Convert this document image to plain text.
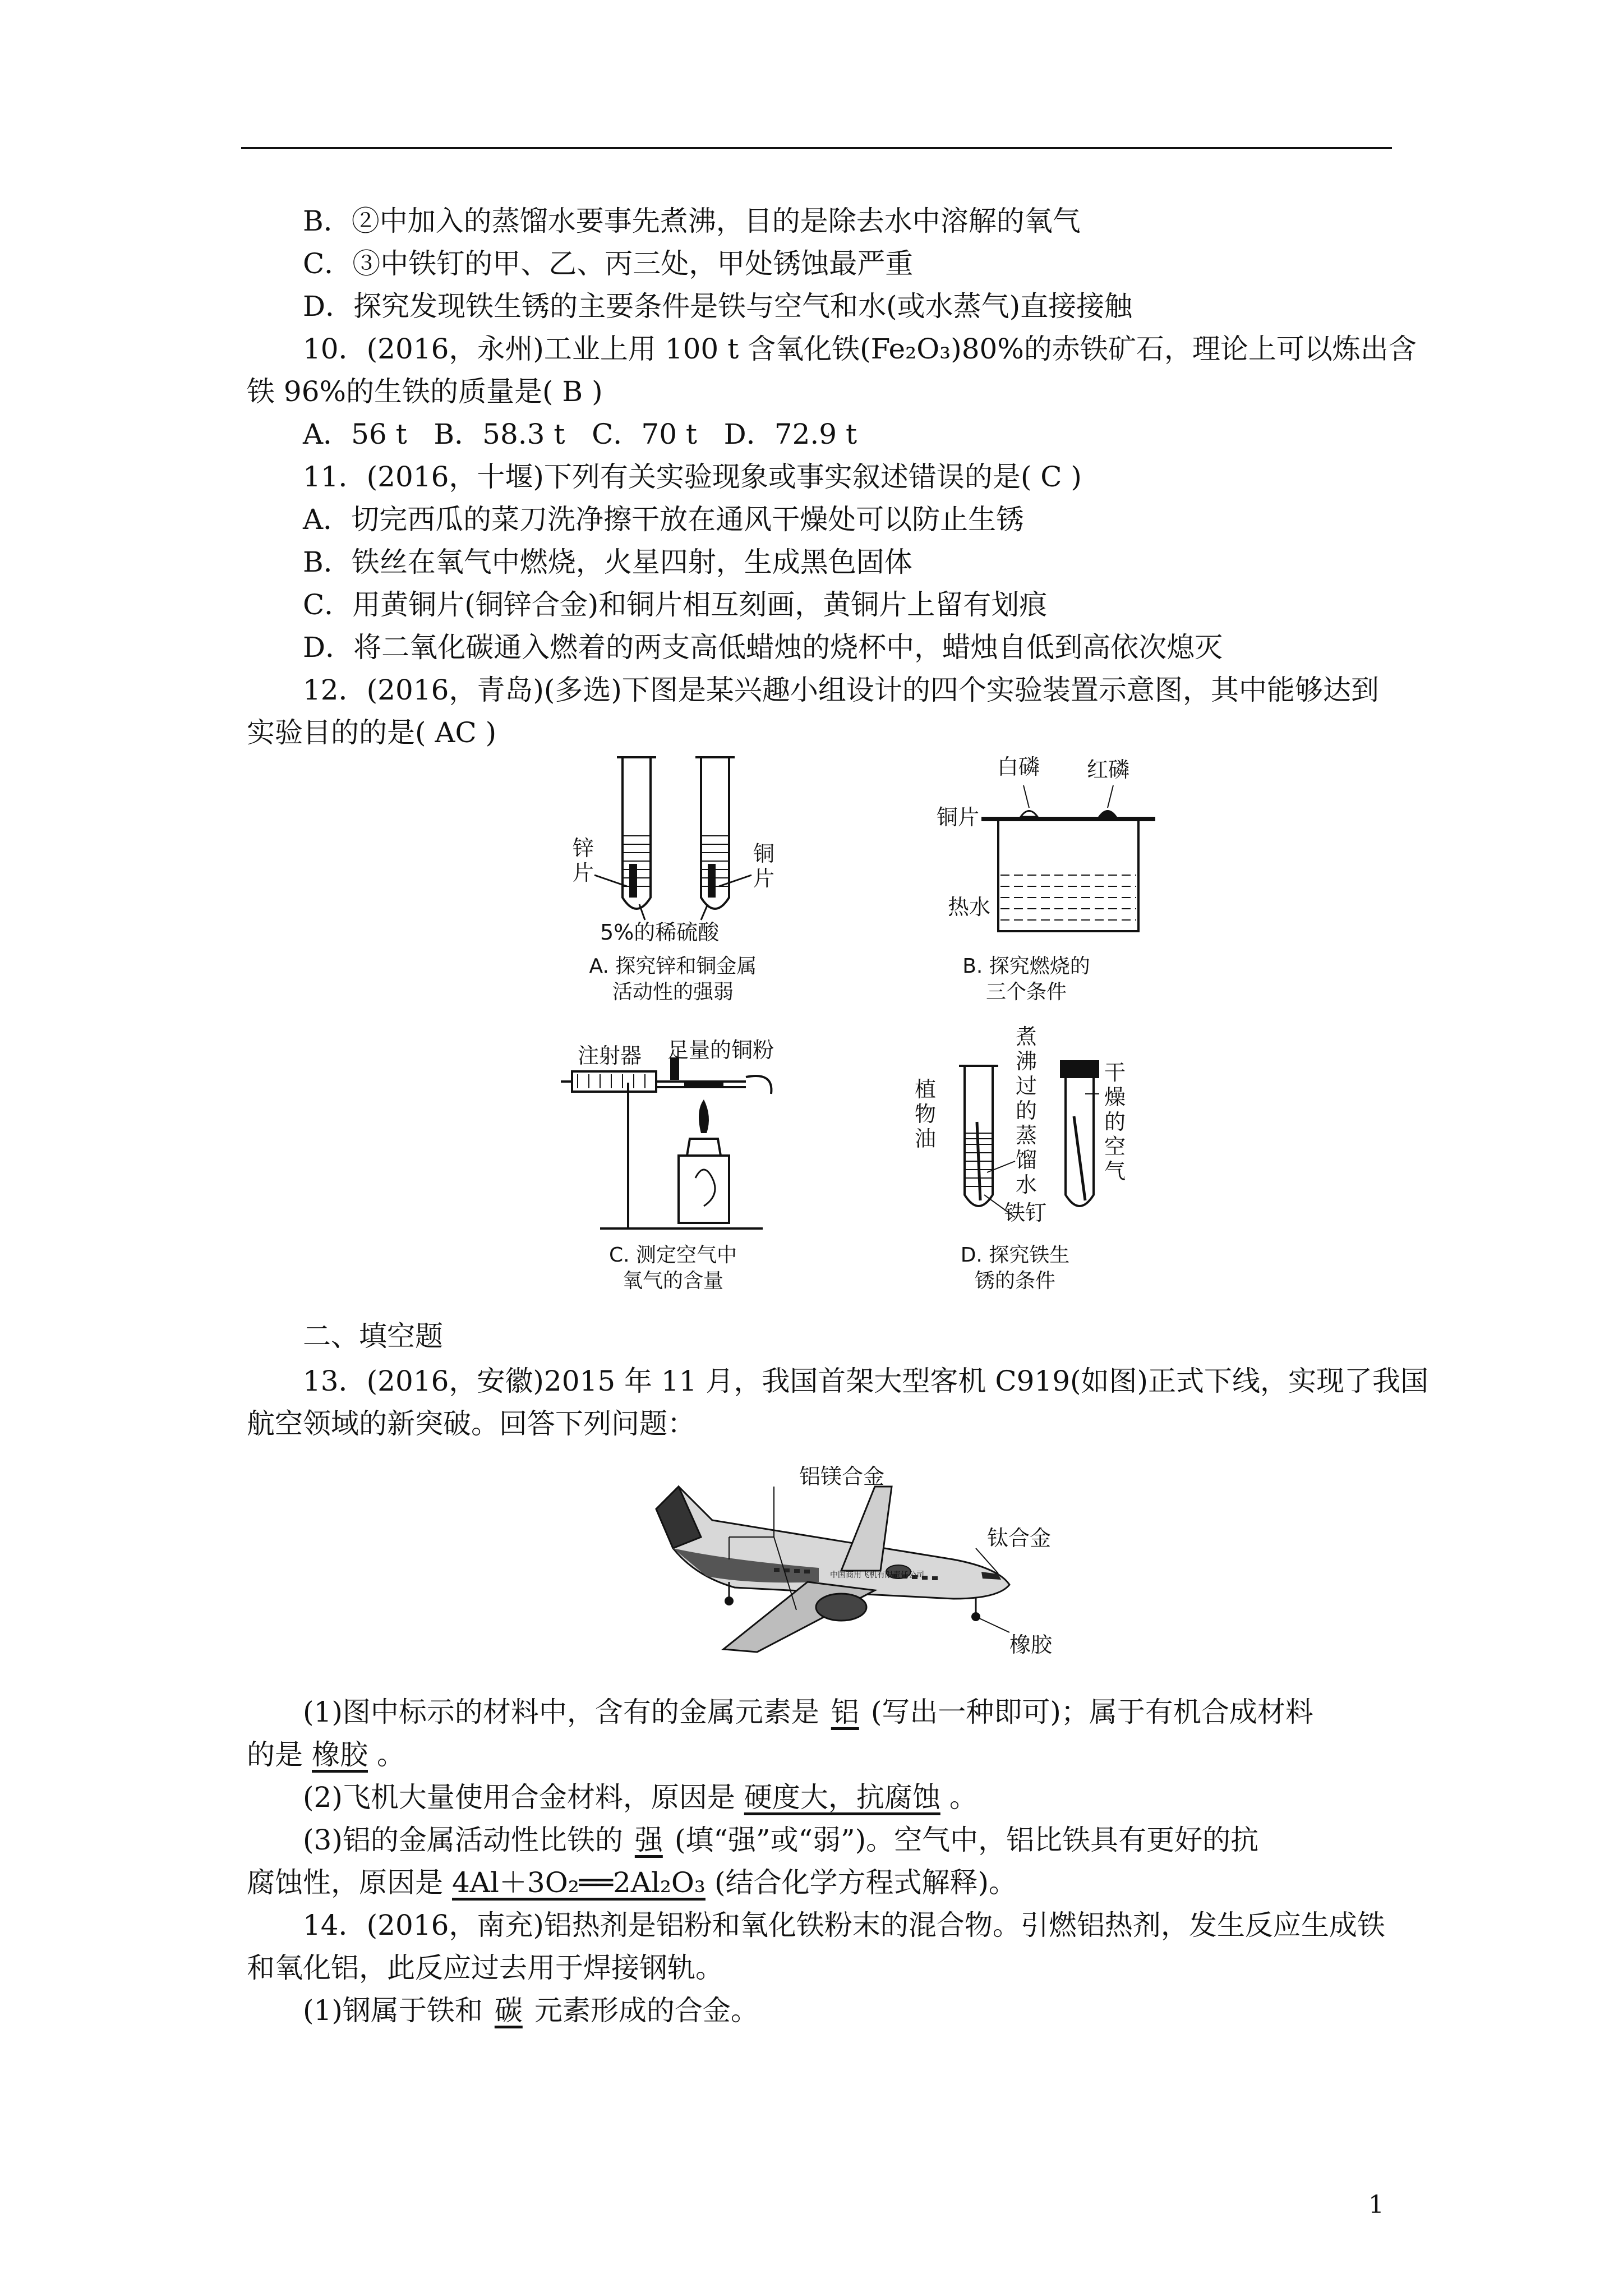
B．②中加入的蒸馏水要事先煮沸，目的是除去水中溶解的氧气
C．③中铁钉的甲、乙、丙三处，甲处锈蚀最严重
D．探究发现铁生锈的主要条件是铁与空气和水(或水蒸气)直接接触
10．(2016，永州)工业上用 100 t 含氧化铁(Fe₂O₃)80%的赤铁矿石，理论上可以炼出含
铁 96%的生铁的质量是( B )
A．56 t   B．58.3 t   C．70 t   D．72.9 t
11．(2016，十堰)下列有关实验现象或事实叙述错误的是( C )
A．切完西瓜的菜刀洗净擦干放在通风干燥处可以防止生锈
B．铁丝在氧气中燃烧，火星四射，生成黑色固体
C．用黄铜片(铜锌合金)和铜片相互刻画，黄铜片上留有划痕
D．将二氧化碳通入燃着的两支高低蜡烛的烧杯中，蜡烛自低到高依次熄灭
12．(2016，青岛)(多选)下图是某兴趣小组设计的四个实验装置示意图，其中能够达到
实验目的的是( AC )
锌片
铜片
5%的稀硫酸
A. 探究锌和铜金属
活动性的强弱
白磷 红磷
铜片
热水
B. 探究燃烧的
三个条件
注射器 足量的铜粉
C. 测定空气中
氧气的含量
植物油
煮沸过的蒸馏水
干燥的空气
铁钉
D. 探究铁生
锈的条件
二、填空题
13．(2016，安徽)2015 年 11 月，我国首架大型客机 C919(如图)正式下线，实现了我国
航空领域的新突破。回答下列问题：
铝镁合金
钛合金
橡胶
中国商用飞机有限责任公司
(1)图中标示的材料中，含有的金属元素是 铝 (写出一种即可)；属于有机合成材料
的是 橡胶 。
(2)飞机大量使用合金材料，原因是 硬度大，抗腐蚀 。
(3)铝的金属活动性比铁的 强 (填“强”或“弱”)。空气中，铝比铁具有更好的抗
腐蚀性，原因是 4Al＋3O₂══2Al₂O₃ (结合化学方程式解释)。
14．(2016，南充)铝热剂是铝粉和氧化铁粉末的混合物。引燃铝热剂，发生反应生成铁
和氧化铝，此反应过去用于焊接钢轨。
(1)钢属于铁和 碳 元素形成的合金。
1
